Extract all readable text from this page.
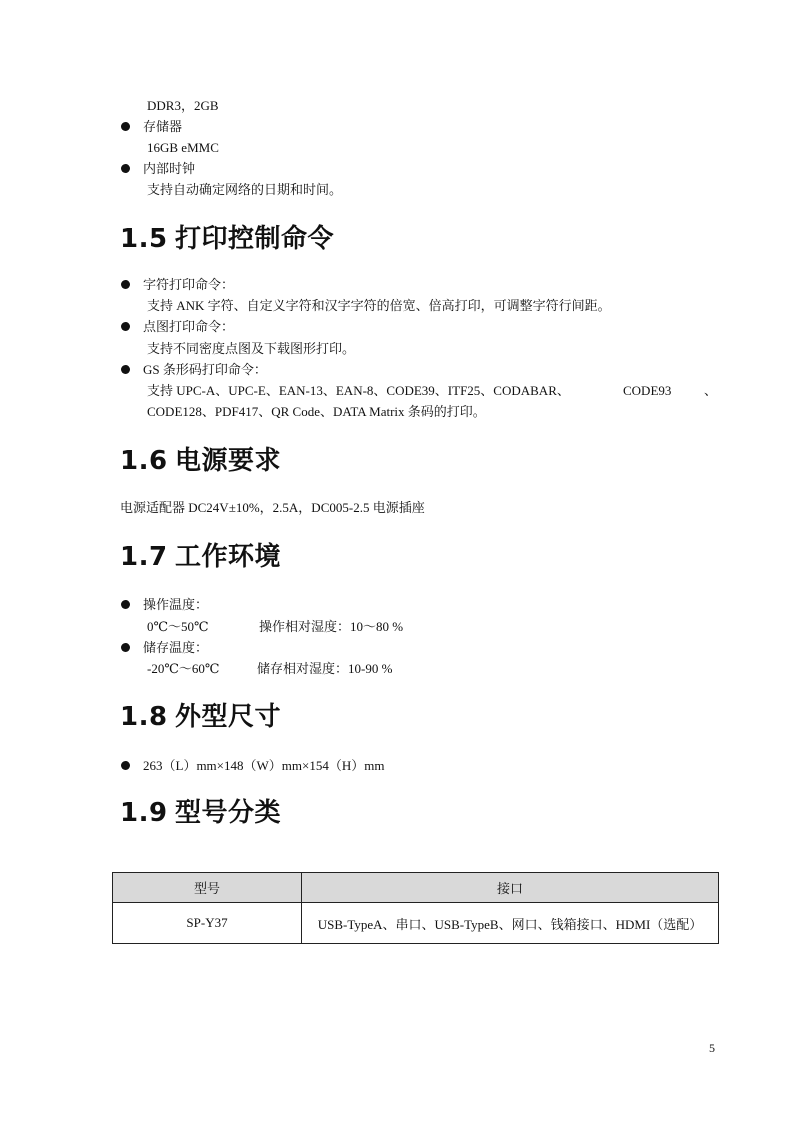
DDR3，2GB
存储器
16GB eMMC
内部时钟
支持自动确定网络的日期和时间。
1.5 打印控制命令
字符打印命令：
支持 ANK 字符、自定义字符和汉字字符的倍宽、倍高打印，可调整字符行间距。
点图打印命令：
支持不同密度点图及下载图形打印。
GS 条形码打印命令：
支持 UPC-A、UPC-E、EAN-13、EAN-8、CODE39、ITF25、CODABAR、	CODE93	、
CODE128、PDF417、QR Code、DATA Matrix 条码的打印。
1.6 电源要求
电源适配器 DC24V±10%，2.5A，DC005-2.5 电源插座
1.7 工作环境
操作温度：
0℃～50℃	操作相对湿度：10～80 %
储存温度：
-20℃～60℃	储存相对湿度：10-90 %
1.8 外型尺寸
263（L）mm×148（W）mm×154（H）mm
1.9 型号分类
型号	接口
SP-Y37	USB-TypeA、串口、USB-TypeB、网口、钱箱接口、HDMI（选配）
5
